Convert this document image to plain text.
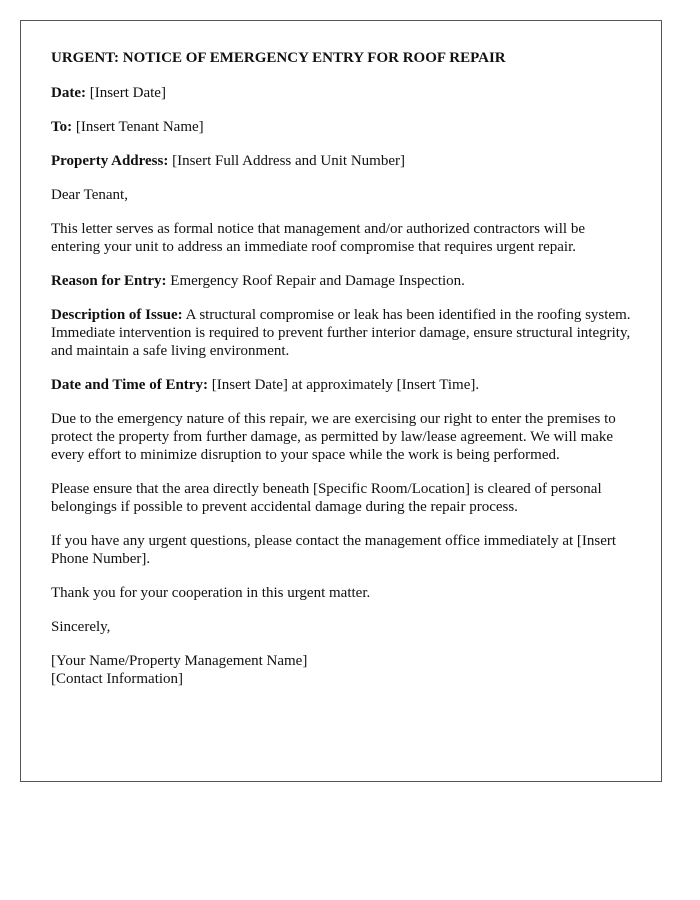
URGENT: NOTICE OF EMERGENCY ENTRY FOR ROOF REPAIR

Date: [Insert Date]

To: [Insert Tenant Name]

Property Address: [Insert Full Address and Unit Number]

Dear Tenant,

This letter serves as formal notice that management and/or authorized contractors will be entering your unit to address an immediate roof compromise that requires urgent repair.

Reason for Entry: Emergency Roof Repair and Damage Inspection.

Description of Issue: A structural compromise or leak has been identified in the roofing system. Immediate intervention is required to prevent further interior damage, ensure structural integrity, and maintain a safe living environment.

Date and Time of Entry: [Insert Date] at approximately [Insert Time].

Due to the emergency nature of this repair, we are exercising our right to enter the premises to protect the property from further damage, as permitted by law/lease agreement. We will make every effort to minimize disruption to your space while the work is being performed.

Please ensure that the area directly beneath [Specific Room/Location] is cleared of personal belongings if possible to prevent accidental damage during the repair process.

If you have any urgent questions, please contact the management office immediately at [Insert Phone Number].

Thank you for your cooperation in this urgent matter.

Sincerely,

[Your Name/Property Management Name]
[Contact Information]
